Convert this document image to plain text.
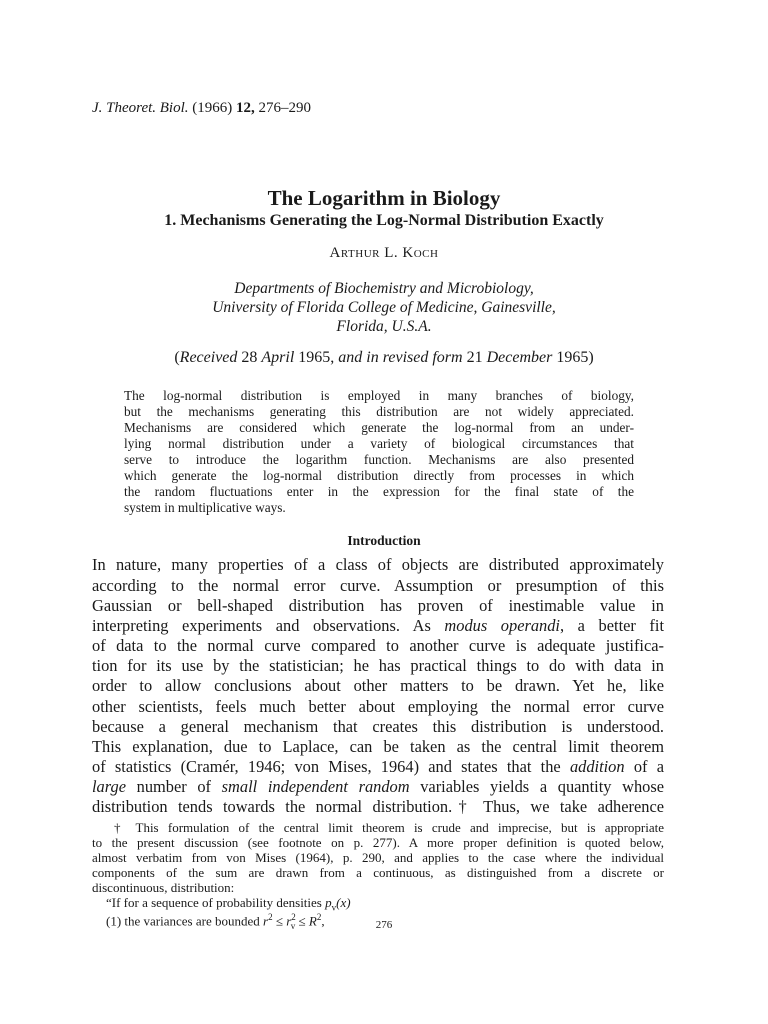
J. Theoret. Biol. (1966) 12, 276–290
The Logarithm in Biology
1. Mechanisms Generating the Log-Normal Distribution Exactly
Arthur L. Koch
Departments of Biochemistry and Microbiology,
University of Florida College of Medicine, Gainesville,
Florida, U.S.A.
(Received 28 April 1965, and in revised form 21 December 1965)
The log-normal distribution is employed in many branches of biology,
but the mechanisms generating this distribution are not widely appreciated.
Mechanisms are considered which generate the log-normal from an under-
lying normal distribution under a variety of biological circumstances that
serve to introduce the logarithm function. Mechanisms are also presented
which generate the log-normal distribution directly from processes in which
the random fluctuations enter in the expression for the final state of the
system in multiplicative ways.
Introduction
In nature, many properties of a class of objects are distributed approximately
according to the normal error curve. Assumption or presumption of this
Gaussian or bell-shaped distribution has proven of inestimable value in
interpreting experiments and observations. As modus operandi, a better fit
of data to the normal curve compared to another curve is adequate justifica-
tion for its use by the statistician; he has practical things to do with data in
order to allow conclusions about other matters to be drawn. Yet he, like
other scientists, feels much better about employing the normal error curve
because a general mechanism that creates this distribution is understood.
This explanation, due to Laplace, can be taken as the central limit theorem
of statistics (Cramér, 1946; von Mises, 1964) and states that the addition of a
large number of small independent random variables yields a quantity whose
distribution tends towards the normal distribution.† Thus, we take adherence
† This formulation of the central limit theorem is crude and imprecise, but is appropriate
to the present discussion (see footnote on p. 277). A more proper definition is quoted below,
almost verbatim from von Mises (1964), p. 290, and applies to the case where the individual
components of the sum are drawn from a continuous, as distinguished from a discrete or
discontinuous, distribution:
“If for a sequence of probability densities $p_v(x)$
(1) the variances are bounded $r^2 \le r^2_v \le R^2$,	276
